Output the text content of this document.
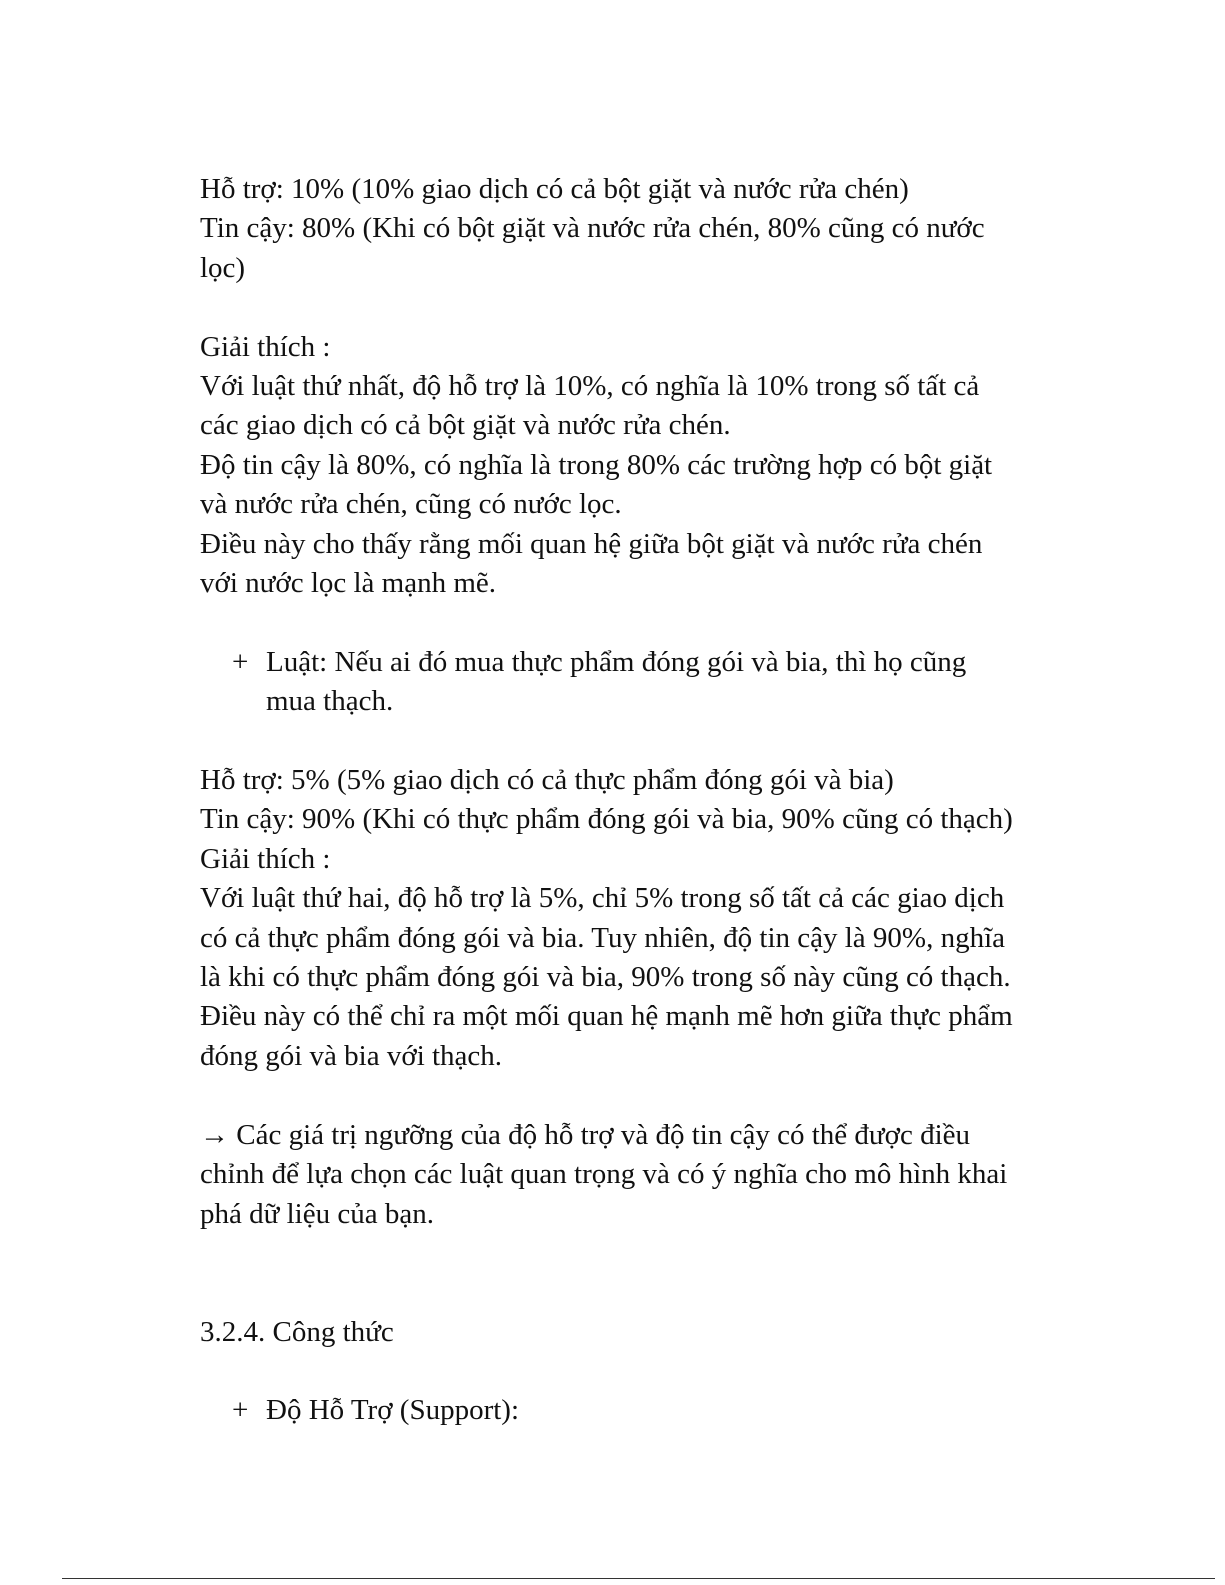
Hỗ trợ: 10% (10% giao dịch có cả bột giặt và nước rửa chén)
Tin cậy: 80% (Khi có bột giặt và nước rửa chén, 80% cũng có nước
lọc)
Giải thích :
Với luật thứ nhất, độ hỗ trợ là 10%, có nghĩa là 10% trong số tất cả
các giao dịch có cả bột giặt và nước rửa chén.
Độ tin cậy là 80%, có nghĩa là trong 80% các trường hợp có bột giặt
và nước rửa chén, cũng có nước lọc.
Điều này cho thấy rằng mối quan hệ giữa bột giặt và nước rửa chén
với nước lọc là mạnh mẽ.
+ Luật: Nếu ai đó mua thực phẩm đóng gói và bia, thì họ cũng
mua thạch.
Hỗ trợ: 5% (5% giao dịch có cả thực phẩm đóng gói và bia)
Tin cậy: 90% (Khi có thực phẩm đóng gói và bia, 90% cũng có thạch)
Giải thích :
Với luật thứ hai, độ hỗ trợ là 5%, chỉ 5% trong số tất cả các giao dịch
có cả thực phẩm đóng gói và bia. Tuy nhiên, độ tin cậy là 90%, nghĩa
là khi có thực phẩm đóng gói và bia, 90% trong số này cũng có thạch.
Điều này có thể chỉ ra một mối quan hệ mạnh mẽ hơn giữa thực phẩm
đóng gói và bia với thạch.
→ Các giá trị ngưỡng của độ hỗ trợ và độ tin cậy có thể được điều
chỉnh để lựa chọn các luật quan trọng và có ý nghĩa cho mô hình khai
phá dữ liệu của bạn.
3.2.4. Công thức
+ Độ Hỗ Trợ (Support):
